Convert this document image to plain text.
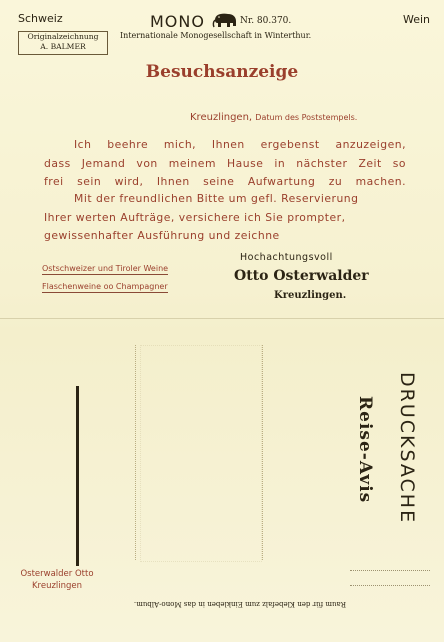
Schweiz	Wein
Originalzeichnung
A. BALMER
MONO	Nr. 80.370.
Internationale Monogesellschaft in Winterthur.
Besuchsanzeige
Kreuzlingen, Datum des Poststempels.
Ich beehre mich, Ihnen ergebenst anzuzeigen,
dass Jemand von meinem Hause in nächster Zeit so
frei sein wird, Ihnen seine Aufwartung zu machen.
Mit der freundlichen Bitte um gefl. Reservierung
Ihrer werten Aufträge, versichere ich Sie prompter,
gewissenhafter Ausführung und zeichne
Ostschweizer und Tiroler Weine
Flaschenweine oo Champagner
Hochachtungsvoll
Otto Osterwalder
Kreuzlingen.
DRUCKSACHE
Reise-Avis
Osterwalder Otto
Kreuzlingen
Raum für den Klebefalz zum Einkleben in das Mono-Album.
